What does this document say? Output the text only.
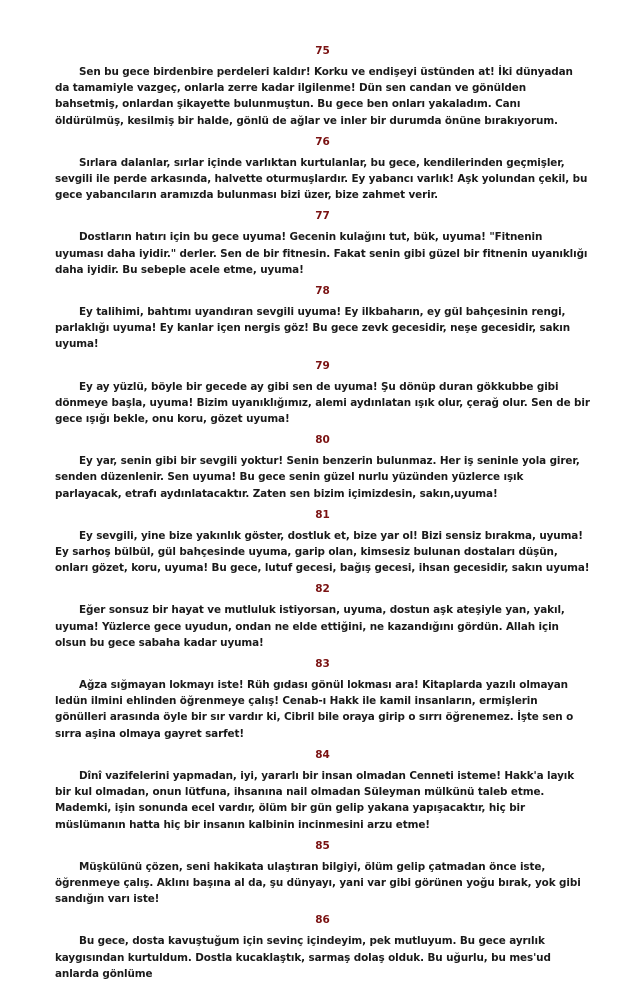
75

Sen bu gece birdenbire perdeleri kaldır! Korku ve endişeyi üstünden at! İki dünyadan da tamamiyle vazgeç, onlarla zerre kadar ilgilenme! Dün sen candan ve gönülden bahsetmiş, onlardan şikayette bulunmuştun. Bu gece ben onları yakaladım. Canı öldürülmüş, kesilmiş bir halde, gönlü de ağlar ve inler bir durumda önüne bırakıyorum.

76

Sırlara dalanlar, sırlar içinde varlıktan kurtulanlar, bu gece, kendilerinden geçmişler, sevgili ile perde arkasında, halvette oturmuşlardır. Ey yabancı varlık! Aşk yolundan çekil, bu gece yabancıların aramızda bulunması bizi üzer, bize zahmet verir.

77

Dostların hatırı için bu gece uyuma! Gecenin kulağını tut, bük, uyuma! "Fitnenin uyuması daha iyidir." derler. Sen de bir fitnesin. Fakat senin gibi güzel bir fitnenin uyanıklığı daha iyidir. Bu sebeple acele etme, uyuma!

78

Ey talihimi, bahtımı uyandıran sevgili uyuma! Ey ilkbaharın, ey gül bahçesinin rengi, parlaklığı uyuma! Ey kanlar içen nergis göz! Bu gece zevk gecesidir, neşe gecesidir, sakın uyuma!

79

Ey ay yüzlü, böyle bir gecede ay gibi sen de uyuma! Şu dönüp duran gökkubbe gibi dönmeye başla, uyuma! Bizim uyanıklığımız, alemi aydınlatan ışık olur, çerağ olur. Sen de bir gece ışığı bekle, onu koru, gözet uyuma!

80

Ey yar, senin gibi bir sevgili yoktur! Senin benzerin bulunmaz. Her iş seninle yola girer, senden düzenlenir. Sen uyuma! Bu gece senin güzel nurlu yüzünden yüzlerce ışık parlayacak, etrafı aydınlatacaktır. Zaten sen bizim içimizdesin, sakın,uyuma!

81

Ey sevgili, yine bize yakınlık göster, dostluk et, bize yar ol! Bizi sensiz bırakma, uyuma! Ey sarhoş bülbül, gül bahçesinde uyuma, garip olan, kimsesiz bulunan dostaları düşün, onları gözet, koru, uyuma! Bu gece, lutuf gecesi, bağış gecesi, ihsan gecesidir, sakın uyuma!

82

Eğer sonsuz bir hayat ve mutluluk istiyorsan, uyuma, dostun aşk ateşiyle yan, yakıl, uyuma! Yüzlerce gece uyudun, ondan ne elde ettiğini, ne kazandığını gördün. Allah için olsun bu gece sabaha kadar uyuma!

83

Ağza sığmayan lokmayı iste! Rüh gıdası gönül lokması ara! Kitaplarda yazılı olmayan ledün ilmini ehlinden öğrenmeye çalış! Cenab-ı Hakk ile kamil insanların, ermişlerin gönülleri arasında öyle bir sır vardır ki, Cibril bile oraya girip o sırrı öğrenemez. İşte sen o sırra aşina olmaya gayret sarfet!

84

Dînî vazifelerini yapmadan, iyi, yararlı bir insan olmadan Cenneti isteme! Hakk'a layık bir kul olmadan, onun lütfuna, ihsanına nail olmadan Süleyman mülkünü taleb etme. Mademki, işin sonunda ecel vardır, ölüm bir gün gelip yakana yapışacaktır, hiç bir müslümanın hatta hiç bir insanın kalbinin incinmesini arzu etme!

85

Müşkülünü çözen, seni hakikata ulaştıran bilgiyi, ölüm gelip çatmadan önce iste, öğrenmeye çalış. Aklını başına al da, şu dünyayı, yani var gibi görünen yoğu bırak, yok gibi sandığın varı iste!

86

Bu gece, dosta kavuştuğum için sevinç içindeyim, pek mutluyum. Bu gece ayrılık kaygısından kurtuldum. Dostla kucaklaştık, sarmaş dolaş olduk. Bu uğurlu, bu mes'ud anlarda gönlüme
